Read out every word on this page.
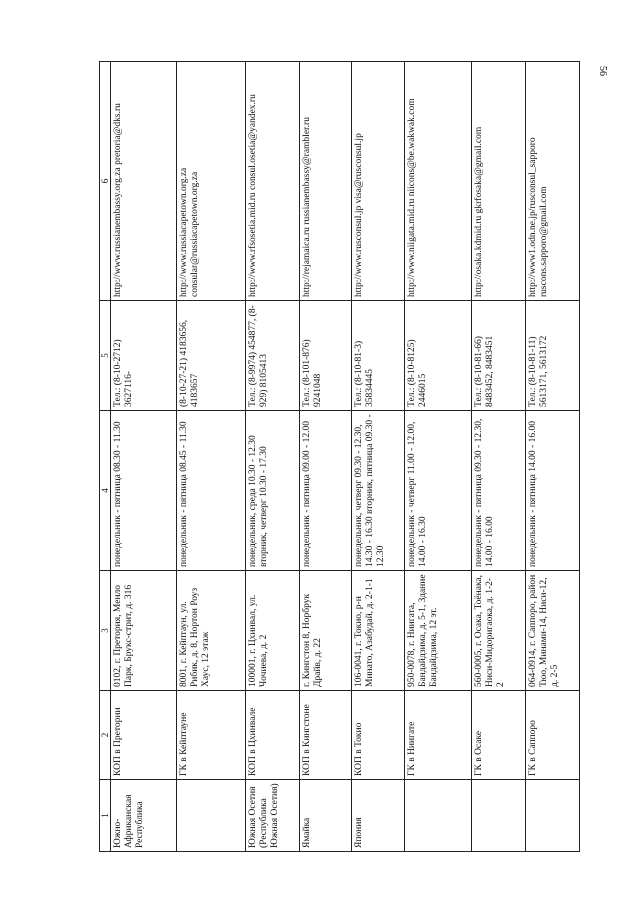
56
1	2	3	4	5	6
Южно-Африканская Республика	КОП в Претории	0102, г. Претория, Менло Парк, Брукс-стрит, д. 316	понедельник - пятница 08.30 - 11.30	Тел.: (8-10-2712) 3627116-	http://www.russianembassy.org.za pretoria@dks.ru
	ГК в Кейптауне	8001, г. Кейптаун, ул. Рибик, д. 8, Нортон Роуз Хаус, 12 этаж	понедельник - пятница 08.45 - 11.30	(8-10-27-21) 4183656, 4183657	http://www.russiacapetown.org.za consular@russiacapetown.org.za
Южная Осетия (Республика Южная Осетия)	КОП в Цхинвале	100001, г. Цхинвал, ул. Чочиева, д. 2	понедельник, среда 10.30 - 12.30 вторник, четверг 10.30 - 17.30	Тел.: (8-9974) 454877, (8-929) 8105413	http://www.rfsosetia.mid.ru consul.osetia@yandex.ru
Ямайка	КОП в Кингстоне	г. Кингстон 8, Норбрук Драйв, д. 22	понедельник - пятница 09.00 - 12.00	Тел.: (8-101-876) 9241048	http://rejamaica.ru russianembassy@rambler.ru
Япония	КОП в Токио	106-0041, г. Токио, р-н Минато, Азабудай, д. 2-1-1	понедельник, четверг 09.30 - 12.30, 14.30 - 16.30 вторник, пятница 09.30 - 12.30	Тел.: (8-10-81-3) 35834445	http://www.rusconsul.jp visa@rusconsul.jp
	ГК в Ниигате	950-0078, г. Ниигата, Бандайдзима, д. 5-1, Здание Бандайдзима, 12 эт.	понедельник - четверг 11.00 - 12.00, 14.00 - 16.30	Тел.: (8-10-8125) 2446015	http://www.niigata.mid.ru niicons@be.wakwak.com
	ГК в Осаке	560-0005, г. Осака, Тоёнака, Ниси-Мидоригаока, д. 1-2-2	понедельник - пятница 09.30 - 12.30, 14.00 - 16.00	Тел.: (8-10-81-66) 8483452, 8483451	http://osaka.kdmid.ru gkrfosaka@gmail.com
	ГК в Саппоро	064-0914, г. Саппоро, район Тюо, Минами-14, Ниси-12, д. 2-5	понедельник - пятница 14.00 - 16.00	Тел.: (8-10-81-11) 5613171, 5613172	http://www1.odn.ne.jp/rusconsul_sapporo ruscons.sapporo@gmail.com
